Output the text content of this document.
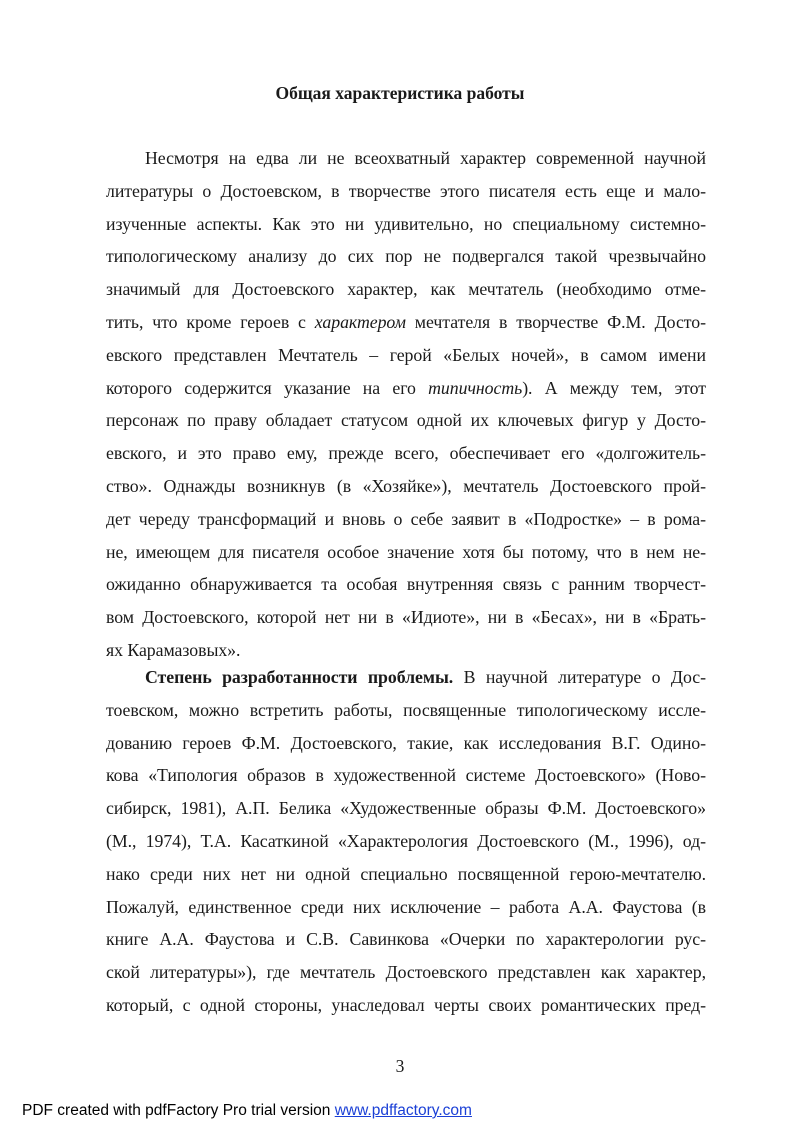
Общая характеристика работы
Несмотря на едва ли не всеохватный характер современной научной
литературы о Достоевском, в творчестве этого писателя есть еще и мало-
изученные аспекты. Как это ни удивительно, но специальному системно-
типологическому анализу до сих пор не подвергался такой чрезвычайно
значимый для Достоевского характер, как мечтатель (необходимо отме-
тить, что кроме героев с характером мечтателя в творчестве Ф.М. Досто-
евского представлен Мечтатель – герой «Белых ночей», в самом имени
которого содержится указание на его типичность). А между тем, этот
персонаж по праву обладает статусом одной их ключевых фигур у Досто-
евского, и это право ему, прежде всего, обеспечивает его «долгожитель-
ство». Однажды возникнув (в «Хозяйке»), мечтатель Достоевского прой-
дет череду трансформаций и вновь о себе заявит в «Подростке» – в рома-
не, имеющем для писателя особое значение хотя бы потому, что в нем не-
ожиданно обнаруживается та особая внутренняя связь с ранним творчест-
вом Достоевского, которой нет ни в «Идиоте», ни в «Бесах», ни в «Брать-
ях Карамазовых».
Степень разработанности проблемы. В научной литературе о Дос-
тоевском, можно встретить работы, посвященные типологическому иссле-
дованию героев Ф.М. Достоевского, такие, как исследования В.Г. Одино-
кова «Типология образов в художественной системе Достоевского» (Ново-
сибирск, 1981), А.П. Белика «Художественные образы Ф.М. Достоевского»
(М., 1974), Т.А. Касаткиной «Характерология Достоевского (М., 1996), од-
нако среди них нет ни одной специально посвященной герою-мечтателю.
Пожалуй, единственное среди них исключение – работа А.А. Фаустова (в
книге А.А. Фаустова и С.В. Савинкова «Очерки по характерологии рус-
ской литературы»), где мечтатель Достоевского представлен как характер,
который, с одной стороны, унаследовал черты своих романтических пред-
3
PDF created with pdfFactory Pro trial version www.pdffactory.com
